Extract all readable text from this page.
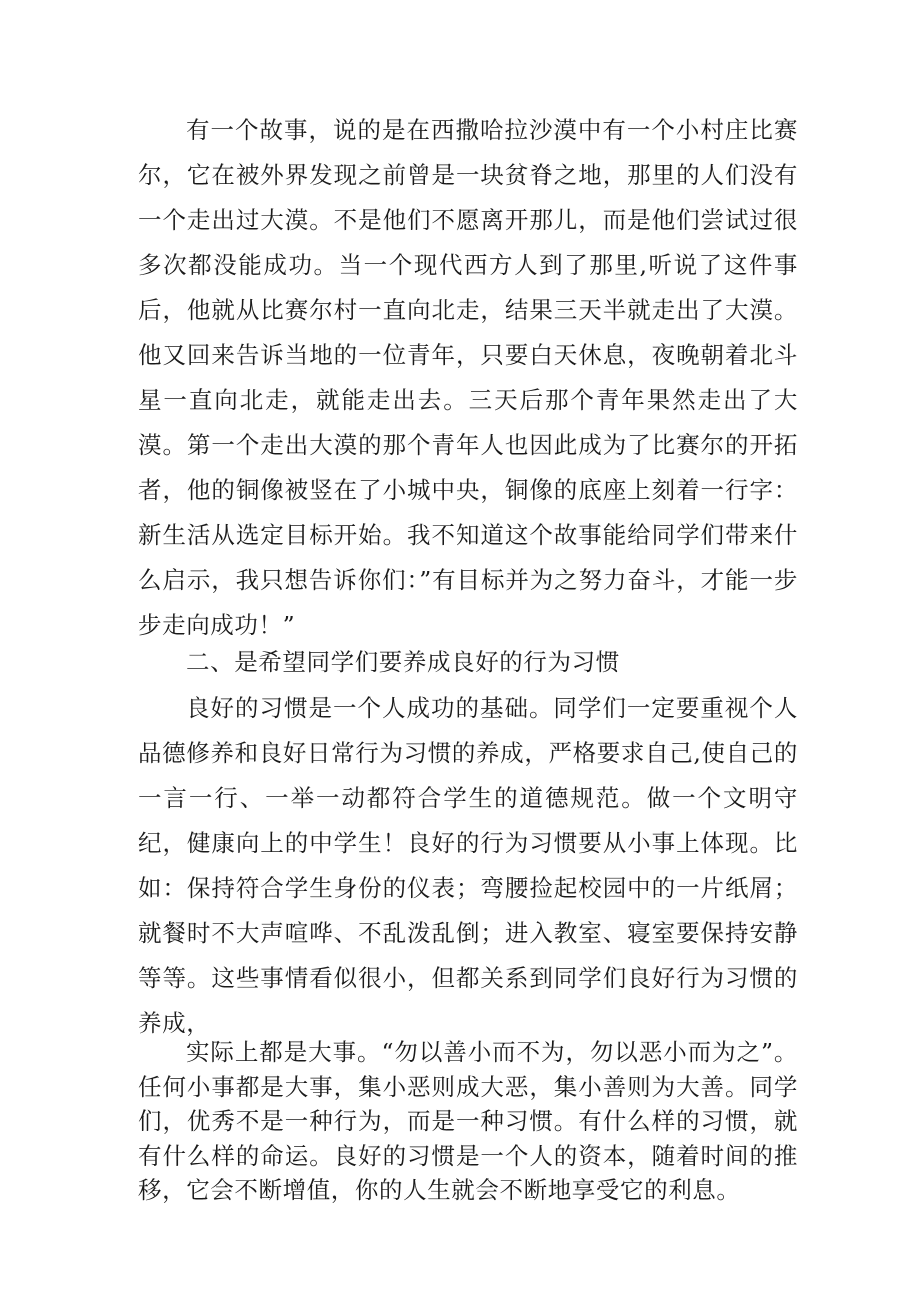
有一个故事，说的是在西撒哈拉沙漠中有一个小村庄比赛尔，它在被外界发现之前曾是一块贫脊之地，那里的人们没有一个走出过大漠。不是他们不愿离开那儿，而是他们尝试过很多次都没能成功。当一个现代西方人到了那里,听说了这件事后，他就从比赛尔村一直向北走，结果三天半就走出了大漠。他又回来告诉当地的一位青年，只要白天休息，夜晚朝着北斗星一直向北走，就能走出去。三天后那个青年果然走出了大漠。第一个走出大漠的那个青年人也因此成为了比赛尔的开拓者，他的铜像被竖在了小城中央，铜像的底座上刻着一行字：新生活从选定目标开始。我不知道这个故事能给同学们带来什么启示，我只想告诉你们：”有目标并为之努力奋斗，才能一步步走向成功！”

二、是希望同学们要养成良好的行为习惯

良好的习惯是一个人成功的基础。同学们一定要重视个人品德修养和良好日常行为习惯的养成，严格要求自己,使自己的一言一行、一举一动都符合学生的道德规范。做一个文明守纪，健康向上的中学生！良好的行为习惯要从小事上体现。比如：保持符合学生身份的仪表；弯腰捡起校园中的一片纸屑；就餐时不大声喧哗、不乱泼乱倒；进入教室、寝室要保持安静等等。这些事情看似很小，但都关系到同学们良好行为习惯的养成，

实际上都是大事。“勿以善小而不为，勿以恶小而为之”。任何小事都是大事，集小恶则成大恶，集小善则为大善。同学们，优秀不是一种行为，而是一种习惯。有什么样的习惯，就有什么样的命运。良好的习惯是一个人的资本，随着时间的推移，它会不断增值，你的人生就会不断地享受它的利息。
